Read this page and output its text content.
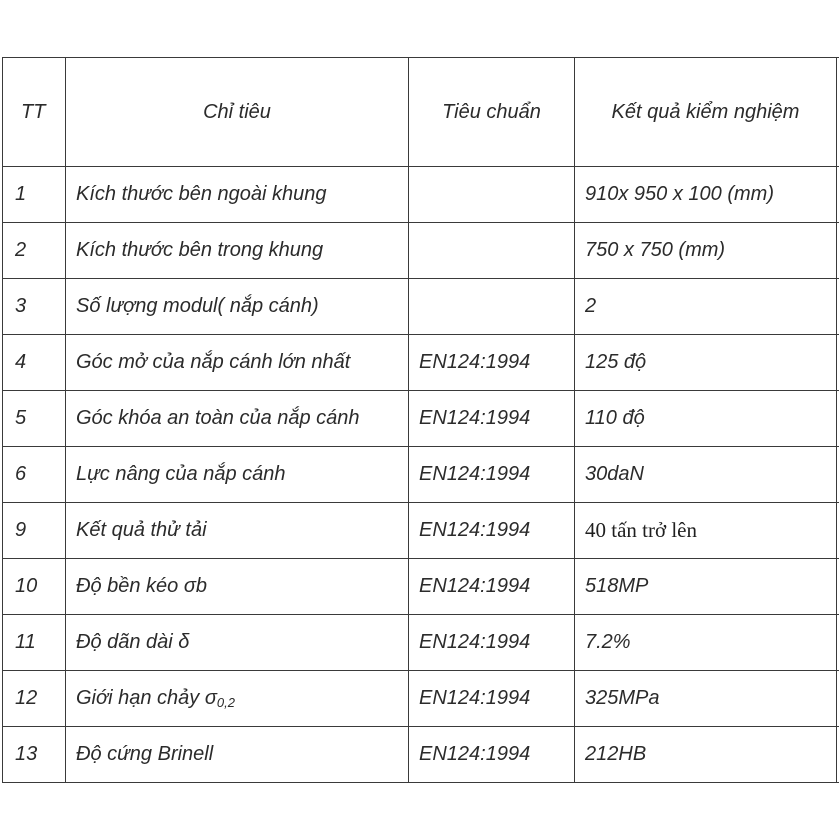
TT	Chỉ tiêu	Tiêu chuẩn	Kết quả kiểm nghiệm	
1	Kích thước bên ngoài khung		910x 950 x 100 (mm)	
2	Kích thước bên trong khung		750 x 750 (mm)	
3	Số lượng modul( nắp cánh)		2	
4	Góc mở của nắp cánh lớn nhất	EN124:1994	125 độ	
5	Góc khóa an toàn của nắp cánh	EN124:1994	110 độ	
6	Lực nâng của nắp cánh	EN124:1994	30daN	
9	Kết quả thử tải	EN124:1994	40 tấn trở lên	
10	Độ bền kéo σb	EN124:1994	518MP	
11	Độ dãn dài δ	EN124:1994	7.2%	
12	Giới hạn chảy $\sigma_{0,2}$	EN124:1994	325MPa	
13	Độ cứng Brinell	EN124:1994	212HB	
